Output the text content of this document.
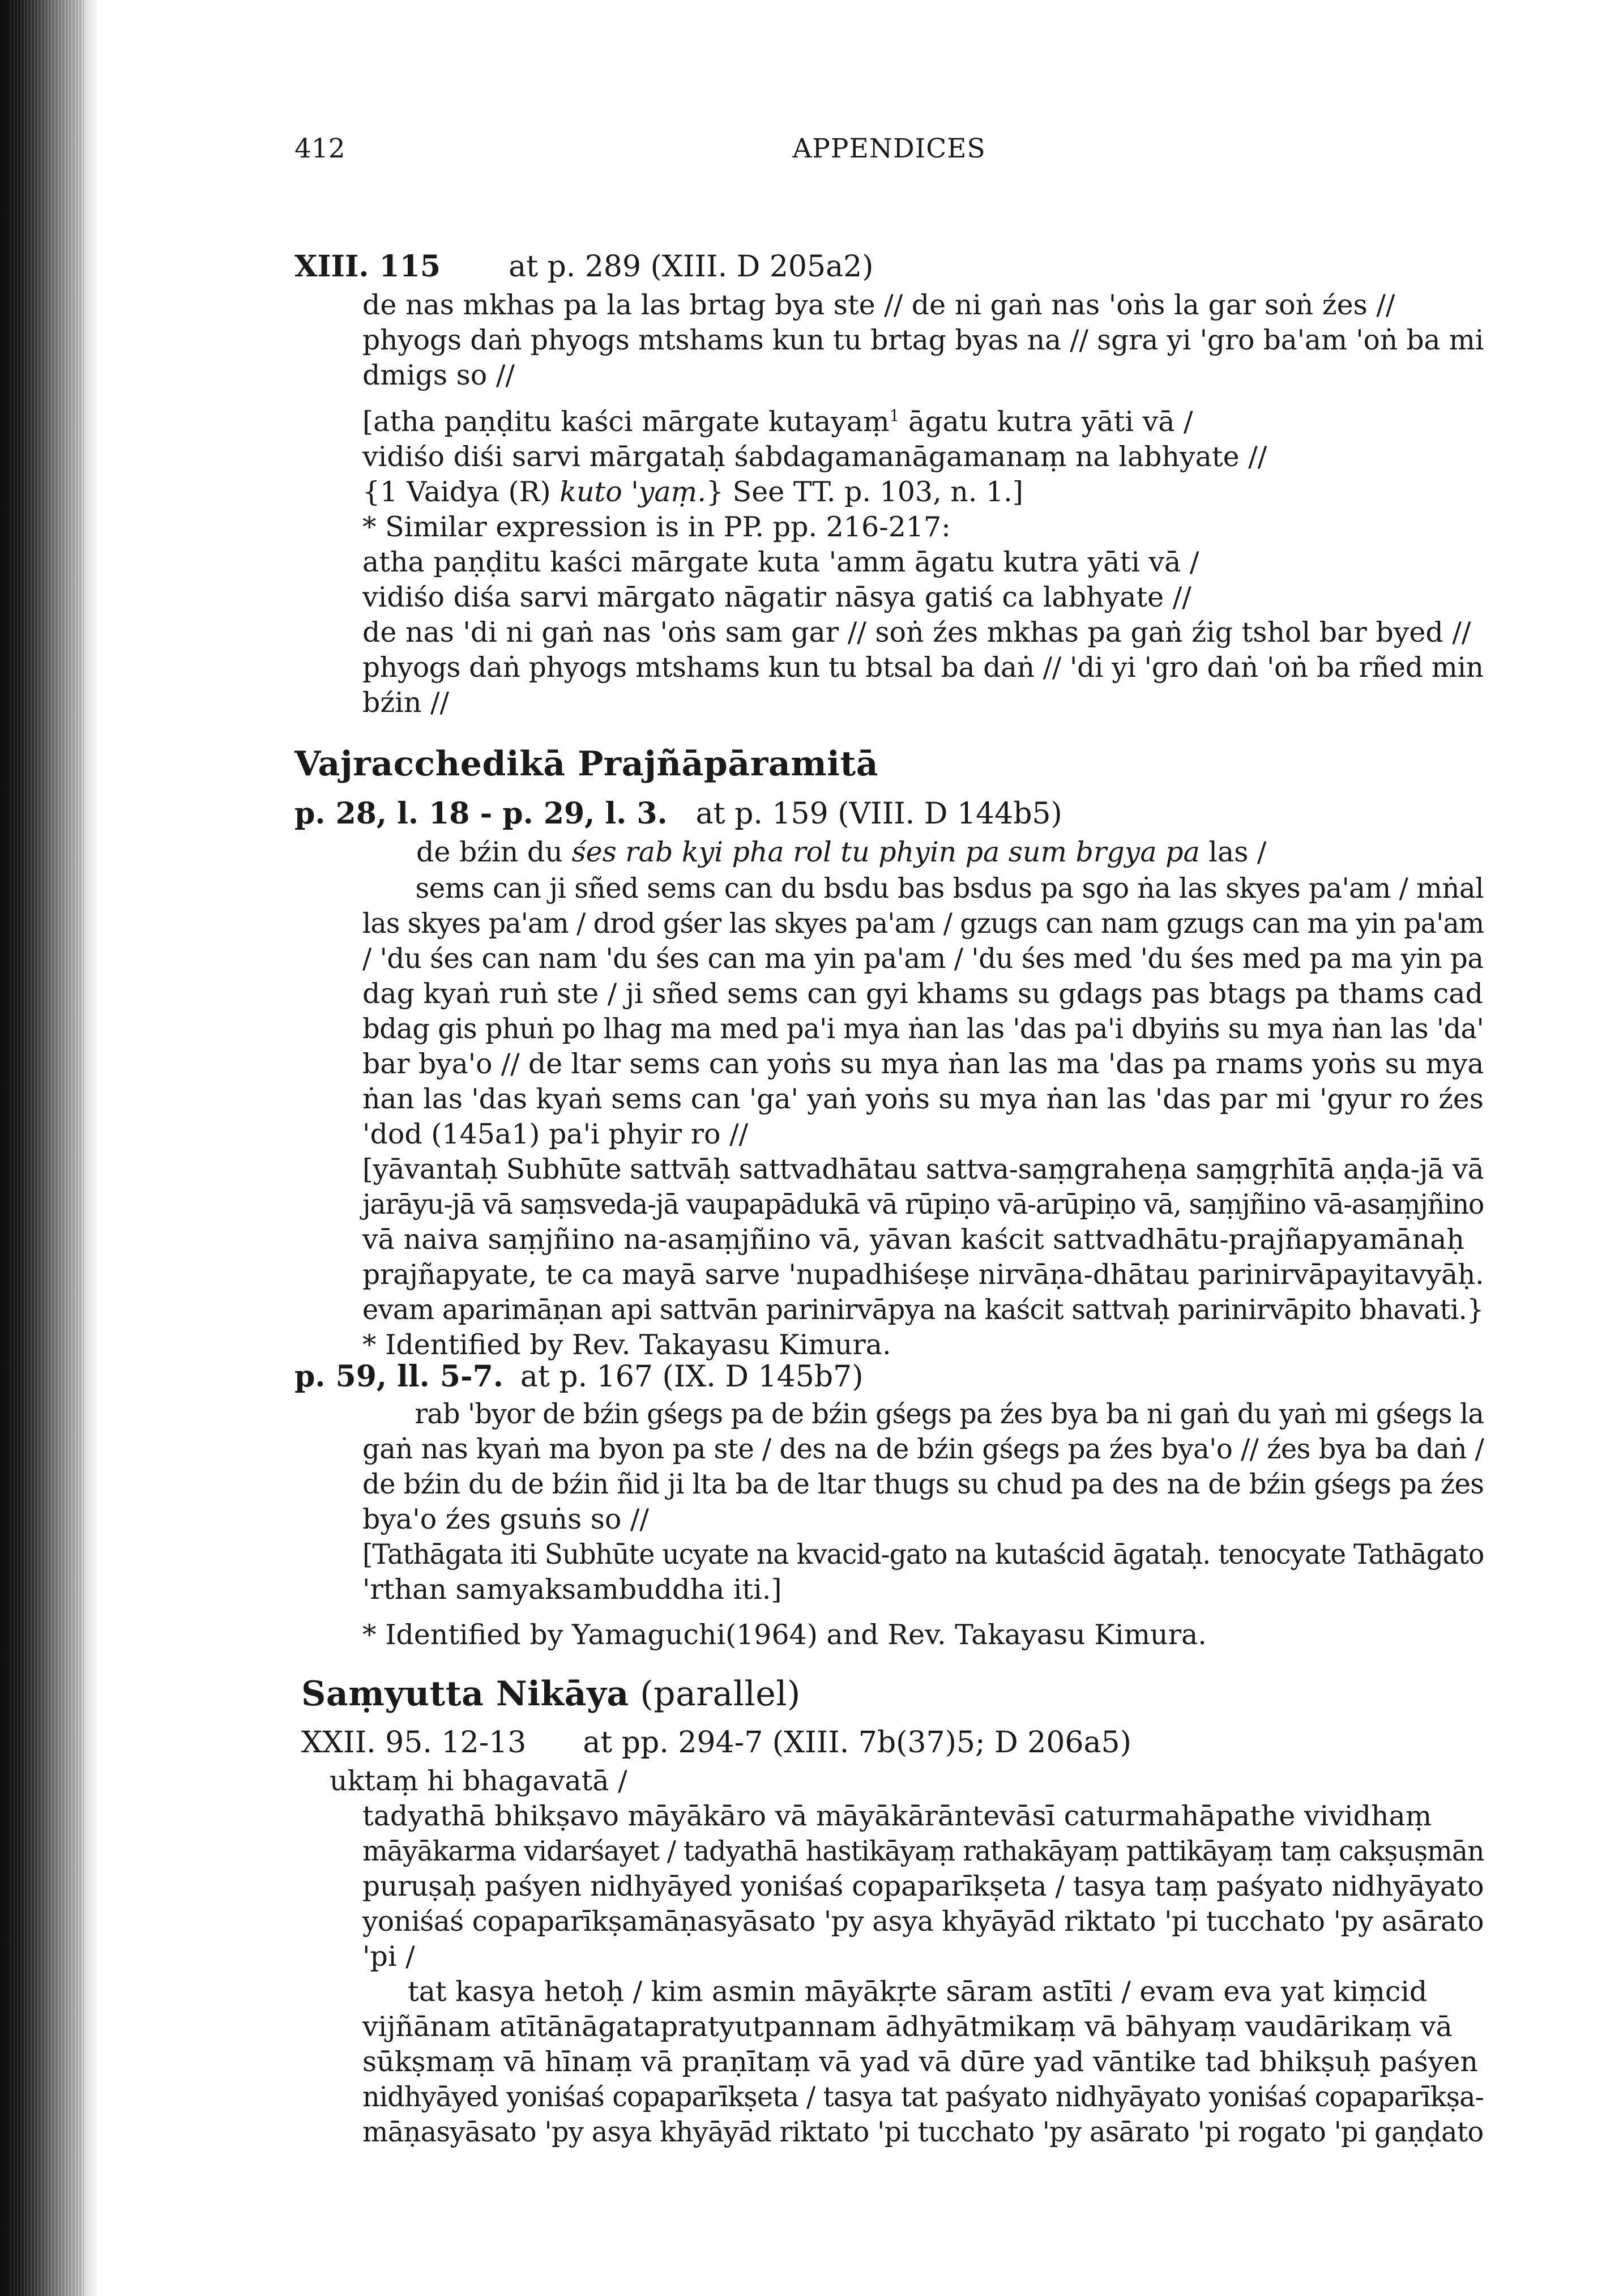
412	APPENDICES
XIII. 115 at p. 289 (XIII. D 205a2)
de nas mkhas pa la las brtag bya ste // de ni gaṅ nas 'oṅs la gar soṅ źes //
phyogs daṅ phyogs mtshams kun tu brtag byas na // sgra yi 'gro ba'am 'oṅ ba mi
dmigs so //
[atha paṇḍitu kaści mārgate kutayaṃ$^1$ āgatu kutra yāti vā /
vidiśo diśi sarvi mārgataḥ śabdagamanāgamanaṃ na labhyate //
{1 Vaidya (R) kuto 'yaṃ.} See TT. p. 103, n. 1.]
* Similar expression is in PP. pp. 216-217:
atha paṇḍitu kaści mārgate kuta 'amm āgatu kutra yāti vā /
vidiśo diśa sarvi mārgato nāgatir nāsya gatiś ca labhyate //
de nas 'di ni gaṅ nas 'oṅs sam gar // soṅ źes mkhas pa gaṅ źig tshol bar byed //
phyogs daṅ phyogs mtshams kun tu btsal ba daṅ // 'di yi 'gro daṅ 'oṅ ba rñed min
bźin //
Vajracchedikā Prajñāpāramitā
p. 28, l. 18 - p. 29, l. 3. at p. 159 (VIII. D 144b5)
de bźin du śes rab kyi pha rol tu phyin pa sum brgya pa las /
sems can ji sñed sems can du bsdu bas bsdus pa sgo ṅa las skyes pa'am / mṅal
las skyes pa'am / drod gśer las skyes pa'am / gzugs can nam gzugs can ma yin pa'am
/ 'du śes can nam 'du śes can ma yin pa'am / 'du śes med 'du śes med pa ma yin pa
dag kyaṅ ruṅ ste / ji sñed sems can gyi khams su gdags pas btags pa thams cad
bdag gis phuṅ po lhag ma med pa'i mya ṅan las 'das pa'i dbyiṅs su mya ṅan las 'da'
bar bya'o // de ltar sems can yoṅs su mya ṅan las ma 'das pa rnams yoṅs su mya
ṅan las 'das kyaṅ sems can 'ga' yaṅ yoṅs su mya ṅan las 'das par mi 'gyur ro źes
'dod (145a1) pa'i phyir ro //
[yāvantaḥ Subhūte sattvāḥ sattvadhātau sattva-saṃgraheṇa saṃgṛhītā aṇḍa-jā vā
jarāyu-jā vā saṃsveda-jā vaupapādukā vā rūpiṇo vā-arūpiṇo vā, saṃjñino vā-asaṃjñino
vā naiva saṃjñino na-asaṃjñino vā, yāvan kaścit sattvadhātu-prajñapyamānaḥ
prajñapyate, te ca mayā sarve 'nupadhiśeṣe nirvāṇa-dhātau parinirvāpayitavyāḥ.
evam aparimāṇan api sattvān parinirvāpya na kaścit sattvaḥ parinirvāpito bhavati.}
* Identified by Rev. Takayasu Kimura.
p. 59, ll. 5-7. at p. 167 (IX. D 145b7)
rab 'byor de bźin gśegs pa de bźin gśegs pa źes bya ba ni gaṅ du yaṅ mi gśegs la
gaṅ nas kyaṅ ma byon pa ste / des na de bźin gśegs pa źes bya'o // źes bya ba daṅ /
de bźin du de bźin ñid ji lta ba de ltar thugs su chud pa des na de bźin gśegs pa źes
bya'o źes gsuṅs so //
[Tathāgata iti Subhūte ucyate na kvacid-gato na kutaścid āgataḥ. tenocyate Tathāgato
'rthan samyaksambuddha iti.]
* Identified by Yamaguchi(1964) and Rev. Takayasu Kimura.
Saṃyutta Nikāya (parallel)
XXII. 95. 12-13 at pp. 294-7 (XIII. 7b(37)5; D 206a5)
uktaṃ hi bhagavatā /
tadyathā bhikṣavo māyākāro vā māyākārāntevāsī caturmahāpathe vividhaṃ
māyākarma vidarśayet / tadyathā hastikāyaṃ rathakāyaṃ pattikāyaṃ taṃ cakṣuṣmān
puruṣaḥ paśyen nidhyāyed yoniśaś copaparīkṣeta / tasya taṃ paśyato nidhyāyato
yoniśaś copaparīkṣamāṇasyāsato 'py asya khyāyād riktato 'pi tucchato 'py asārato
'pi /
tat kasya hetoḥ / kim asmin māyākṛte sāram astīti / evam eva yat kiṃcid
vijñānam atītānāgatapratyutpannam ādhyātmikaṃ vā bāhyaṃ vaudārikaṃ vā
sūkṣmaṃ vā hīnaṃ vā praṇītaṃ vā yad vā dūre yad vāntike tad bhikṣuḥ paśyen
nidhyāyed yoniśaś copaparīkṣeta / tasya tat paśyato nidhyāyato yoniśaś copaparīkṣa-
māṇasyāsato 'py asya khyāyād riktato 'pi tucchato 'py asārato 'pi rogato 'pi gaṇḍato
